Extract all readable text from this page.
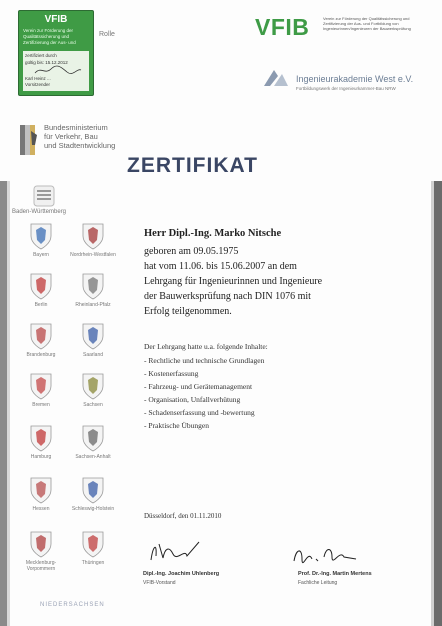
VFIB
Verein zur Förderung der
Qualitätssicherung und
Zertifizierung der Aus- und
zertifiziert durch
gültig bis: 15.12.2012
Karl Heinz ...
Vorsitzender
Rolle	VFIB	Verein zur Förderung der Qualitätssicherung und
Zertifizierung der Aus- und Fortbildung von
Ingenieurinnen/Ingenieuren der Bauwerksprüfung
Ingenieurakademie West e.V.
Fortbildungswerk der Ingenieurkammer-Bau NRW
Bundesministerium
für Verkehr, Bau
und Stadtentwicklung
ZERTIFIKAT
Baden-Württemberg
Bayern	Nordrhein-Westfalen
Berlin	Rheinland-Pfalz
Brandenburg	Saarland
Bremen	Sachsen
Hamburg	Sachsen-Anhalt
Hessen	Schleswig-Holstein
Mecklenburg-Vorpommern
Thüringen
NIEDERSACHSEN
Herr Dipl.-Ing. Marko Nitsche
geboren am 09.05.1975
hat vom 11.06. bis 15.06.2007 an dem
Lehrgang für Ingenieurinnen und Ingenieure
der Bauwerksprüfung nach DIN 1076 mit
Erfolg teilgenommen.
Der Lehrgang hatte u.a. folgende Inhalte:
- Rechtliche und technische Grundlagen
- Kostenerfassung
- Fahrzeug- und Gerätemanagement
- Organisation, Unfallverhütung
- Schadenserfassung und -bewertung
- Praktische Übungen
Düsseldorf, den 01.11.2010
Dipl.-Ing. Joachim Uhlenberg
VFIB-Vorstand
Prof. Dr.-Ing. Martin Mertens
Fachliche Leitung
